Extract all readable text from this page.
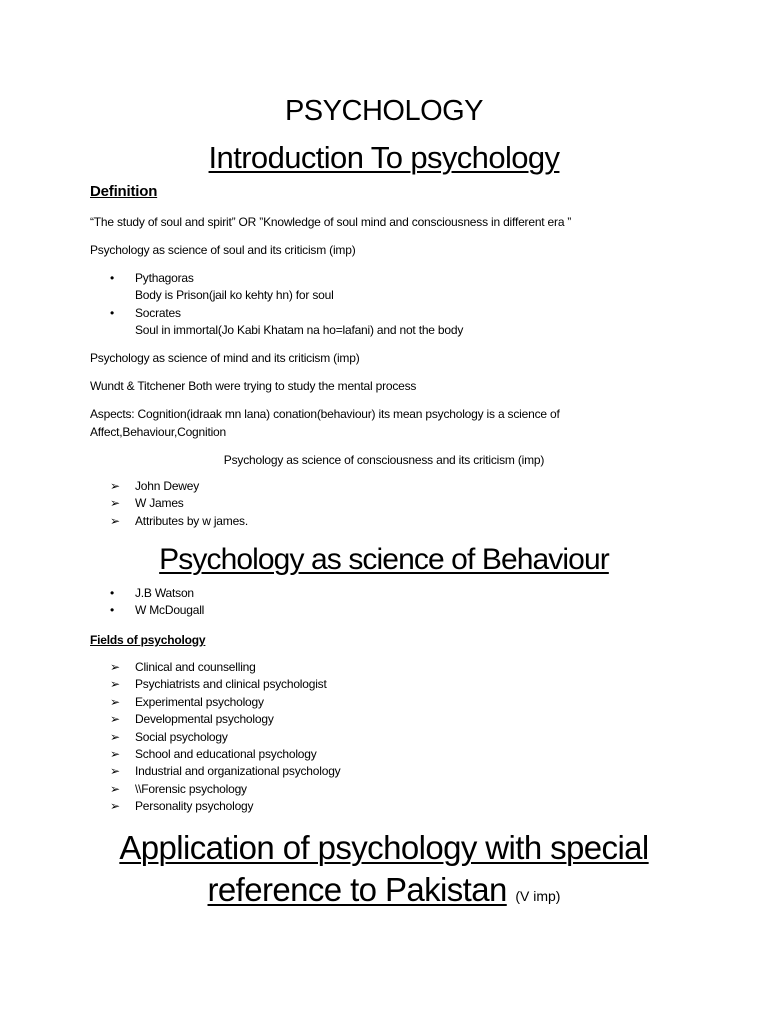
PSYCHOLOGY
Introduction To psychology

Definition

“The study of soul and spirit” OR ”Knowledge of soul mind and consciousness in different era ”

Psychology as science of soul and its criticism (imp)

•	Pythagoras
Body is Prison(jail ko kehty hn) for soul
•	Socrates
Soul in immortal(Jo Kabi Khatam na ho=lafani) and not the body

Psychology as science of mind and its criticism (imp)

Wundt & Titchener Both were trying to study the mental process

Aspects: Cognition(idraak mn lana) conation(behaviour) its mean psychology is a science of
Affect,Behaviour,Cognition

Psychology as science of consciousness and its criticism (imp)

➢	John Dewey
➢	W James
➢	Attributes by w james.
Psychology as science of Behaviour
•	J.B Watson
•	W McDougall

Fields of psychology

➢	Clinical and counselling
➢	Psychiatrists and clinical psychologist
➢	Experimental psychology
➢	Developmental psychology
➢	Social psychology
➢	School and educational psychology
➢	Industrial and organizational psychology
➢	\\Forensic psychology
➢	Personality psychology
Application of psychology with special
reference to Pakistan (V imp)
